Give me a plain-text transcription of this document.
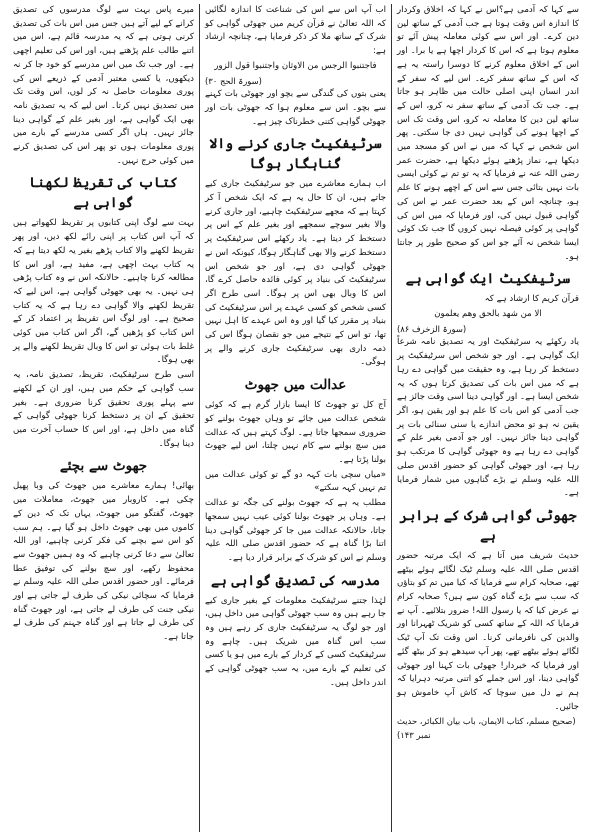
سے کہا کہ آدمی ہے؟اس نے کہا کہ اخلاق وکردار کا اندازہ اس وقت ہوتا ہے جب آدمی کے ساتھ لین دین کرے۔ اور اس سے کوئی معاملہ پیش آئے تو معلوم ہوتا ہے کہ اس کا کردار اچھا ہے یا برا۔ اور اس کے اخلاق معلوم کرنے کا دوسرا راستہ یہ ہے کہ اس کے ساتھ سفر کرے۔ اس لیے کہ سفر کے اندر انسان اپنی اصلی حالت میں ظاہر ہو جاتا ہے۔ جب تک آدمی کے ساتھ سفر نہ کرو، اس کے ساتھ لین دین کا معاملہ نہ کرو، اس وقت تک اس کے اچھا ہونے کی گواہی نہیں دی جا سکتی۔ پھر اس شخص نے کہا کہ میں نے اس کو مسجد میں دیکھا ہے، نماز پڑھتے ہوئے دیکھا ہے، حضرت عمر رضی اللہ عنہ نے فرمایا کہ یہ تو تم نے کوئی ایسی بات نہیں بتائی جس سے اس کے اچھے ہونے کا علم ہو، چنانچہ اس کے بعد حضرت عمر نے اس کی گواہی قبول نہیں کی، اور فرمایا کہ میں اس کی گواہی پر کوئی فیصلہ نہیں کروں گا جب تک کوئی ایسا شخص نہ آئے جو اس کو صحیح طور پر جانتا ہو۔
سرٹیفکیٹ ایک گواہی ہے
قرآن کریم کا ارشاد ہے کہ
الا من شهد بالحق وهم يعلمون
(سورۃ الزخرف ۸۶)
یاد رکھئے یہ سرٹیفکیٹ اور یہ تصدیق نامہ شرعاً ایک گواہی ہے۔ اور جو شخص اس سرٹیفکیٹ پر دستخط کر رہا ہے، وہ حقیقت میں گواہی دے رہا ہے کہ میں اس بات کی تصدیق کرتا ہوں کہ یہ شخص ایسا ہے۔ اور گواہی دینا اسی وقت جائز ہے جب آدمی کو اس بات کا علم ہو اور یقین ہو، اگر یقین نہ ہو تو محض اندازے یا سنی سنائی بات پر گواہی دینا جائز نہیں۔ اور جو آدمی بغیر علم کے گواہی دے رہا ہے وہ جھوٹی گواہی کا مرتکب ہو رہا ہے، اور جھوٹی گواہی کو حضور اقدس صلی اللہ علیہ وسلم نے بڑے گناہوں میں شمار فرمایا ہے۔
جھوٹی گواہی شرک کے برابر ہے
حدیث شریف میں آتا ہے کہ ایک مرتبہ حضور اقدس صلی اللہ علیہ وسلم ٹیک لگائے ہوئے بیٹھے تھے، صحابہ کرام سے فرمایا کہ کیا میں تم کو بتاؤں کہ سب سے بڑے گناہ کون سے ہیں؟ صحابہ کرام نے عرض کیا کہ یا رسول اللہ! ضرور بتلائیے۔ آپ نے فرمایا کہ اللہ کے ساتھ کسی کو شریک ٹھہرانا اور والدین کی نافرمانی کرنا۔ اس وقت تک آپ ٹیک لگائے ہوئے بیٹھے تھے، پھر آپ سیدھے ہو کر بیٹھ گئے اور فرمایا کہ خبردار! جھوٹی بات کہنا اور جھوٹی گواہی دینا، اور اس جملے کو اتنی مرتبہ دہرایا کہ ہم نے دل میں سوچا کہ کاش آپ خاموش ہو جائیں۔
(صحیح مسلم، کتاب الایمان، باب بیان الکبائر، حدیث نمبر ۱۴۳)
اب آپ اس سے اس کی شناعت کا اندازہ لگائیں کہ اللہ تعالیٰ نے قرآن کریم میں جھوٹی گواہی کو شرک کے ساتھ ملا کر ذکر فرمایا ہے، چنانچہ ارشاد ہے:
فاجتنبوا الرجس من الاوثان واجتنبوا قول الزور
(سورۃ الحج ۳۰)
یعنی بتوں کی گندگی سے بچو اور جھوٹی بات کہنے سے بچو۔ اس سے معلوم ہوا کہ جھوٹی بات اور جھوٹی گواہی کتنی خطرناک چیز ہے۔
سرٹیفکیٹ جاری کرنے والا گناہگار ہوگا
اب ہمارے معاشرے میں جو سرٹیفکیٹ جاری کیے جاتے ہیں، ان کا حال یہ ہے کہ ایک شخص آ کر کہتا ہے کہ مجھے سرٹیفکیٹ چاہیے، اور جاری کرنے والا بغیر سوچے سمجھے اور بغیر علم کے اس پر دستخط کر دیتا ہے۔ یاد رکھئے اس سرٹیفکیٹ پر دستخط کرنے والا بھی گناہگار ہوگا، کیونکہ اس نے جھوٹی گواہی دی ہے، اور جو شخص اس سرٹیفکیٹ کی بنیاد پر کوئی فائدہ حاصل کرے گا، اس کا وبال بھی اس پر ہوگا۔ اسی طرح اگر کسی شخص کو کسی عہدے پر اس سرٹیفکیٹ کی بنیاد پر مقرر کیا گیا اور وہ اس عہدے کا اہل نہیں تھا، تو اس کے نتیجے میں جو نقصان ہوگا اس کی ذمہ داری بھی سرٹیفکیٹ جاری کرنے والے پر ہوگی۔
عدالت میں جھوٹ
آج کل تو جھوٹ کا ایسا بازار گرم ہے کہ کوئی شخص عدالت میں جائے تو وہاں جھوٹ بولنے کو ضروری سمجھا جاتا ہے۔ لوگ کہتے ہیں کہ عدالت میں سچ بولنے سے کام نہیں چلتا، اس لیے جھوٹ بولنا پڑتا ہے۔
«میاں سچی بات کہہ دو گے تو کوئی عدالت میں تم نہیں کہہ سکتے»
مطلب یہ ہے کہ جھوٹ بولنے کی جگہ تو عدالت ہے۔ وہاں پر جھوٹ بولنا کوئی عیب نہیں سمجھا جاتا، حالانکہ عدالت میں جا کر جھوٹی گواہی دینا اتنا بڑا گناہ ہے کہ حضور اقدس صلی اللہ علیہ وسلم نے اس کو شرک کے برابر قرار دیا ہے۔
مدرسہ کی تصدیق گواہی ہے
لہٰذا جتنے سرٹیفکیٹ معلومات کے بغیر جاری کیے جا رہے ہیں وہ سب جھوٹی گواہی میں داخل ہیں، اور جو لوگ یہ سرٹیفکیٹ جاری کر رہے ہیں وہ سب اس گناہ میں شریک ہیں۔ چاہے وہ سرٹیفکیٹ کسی کے کردار کے بارے میں ہو یا کسی کی تعلیم کے بارے میں، یہ سب جھوٹی گواہی کے اندر داخل ہیں۔
میرے پاس بہت سے لوگ مدرسوں کی تصدیق کرانے کے لیے آتے ہیں جس میں اس بات کی تصدیق کرنی ہوتی ہے کہ یہ مدرسہ قائم ہے، اس میں اتنے طالب علم پڑھتے ہیں، اور اس کی تعلیم اچھی ہے۔ اور جب تک میں اس مدرسے کو خود جا کر نہ دیکھوں، یا کسی معتبر آدمی کے ذریعے اس کی پوری معلومات حاصل نہ کر لوں، اس وقت تک میں تصدیق نہیں کرتا۔ اس لیے کہ یہ تصدیق نامہ بھی ایک گواہی ہے، اور بغیر علم کے گواہی دینا جائز نہیں۔ ہاں اگر کسی مدرسے کے بارے میں پوری معلومات ہوں تو پھر اس کی تصدیق کرنے میں کوئی حرج نہیں۔
کتاب کی تقریظ لکھنا گواہی ہے
بہت سے لوگ اپنی کتابوں پر تقریظ لکھواتے ہیں کہ آپ اس کتاب پر اپنی رائے لکھ دیں، اور پھر تقریظ لکھنے والا کتاب پڑھے بغیر یہ لکھ دیتا ہے کہ یہ کتاب بہت اچھی ہے، مفید ہے، اور اس کا مطالعہ کرنا چاہیے۔ حالانکہ اس نے وہ کتاب پڑھی ہی نہیں۔ یہ بھی جھوٹی گواہی ہے، اس لیے کہ تقریظ لکھنے والا گواہی دے رہا ہے کہ یہ کتاب صحیح ہے۔ اور لوگ اس تقریظ پر اعتماد کر کے اس کتاب کو پڑھیں گے، اگر اس کتاب میں کوئی غلط بات ہوئی تو اس کا وبال تقریظ لکھنے والے پر بھی ہوگا۔
اسی طرح سرٹیفکیٹ، تقریظ، تصدیق نامہ، یہ سب گواہی کے حکم میں ہیں، اور ان کے لکھنے سے پہلے پوری تحقیق کرنا ضروری ہے۔ بغیر تحقیق کے ان پر دستخط کرنا جھوٹی گواہی کے گناہ میں داخل ہے، اور اس کا حساب آخرت میں دینا ہوگا۔
جھوٹ سے بچئے
بھائی! ہمارے معاشرے میں جھوٹ کی وبا پھیل چکی ہے۔ کاروبار میں جھوٹ، معاملات میں جھوٹ، گفتگو میں جھوٹ، یہاں تک کہ دین کے کاموں میں بھی جھوٹ داخل ہو گیا ہے۔ ہم سب کو اس سے بچنے کی فکر کرنی چاہیے، اور اللہ تعالیٰ سے دعا کرنی چاہیے کہ وہ ہمیں جھوٹ سے محفوظ رکھے، اور سچ بولنے کی توفیق عطا فرمائے۔ اور حضور اقدس صلی اللہ علیہ وسلم نے فرمایا کہ سچائی نیکی کی طرف لے جاتی ہے اور نیکی جنت کی طرف لے جاتی ہے، اور جھوٹ گناہ کی طرف لے جاتا ہے اور گناہ جہنم کی طرف لے جاتا ہے۔
